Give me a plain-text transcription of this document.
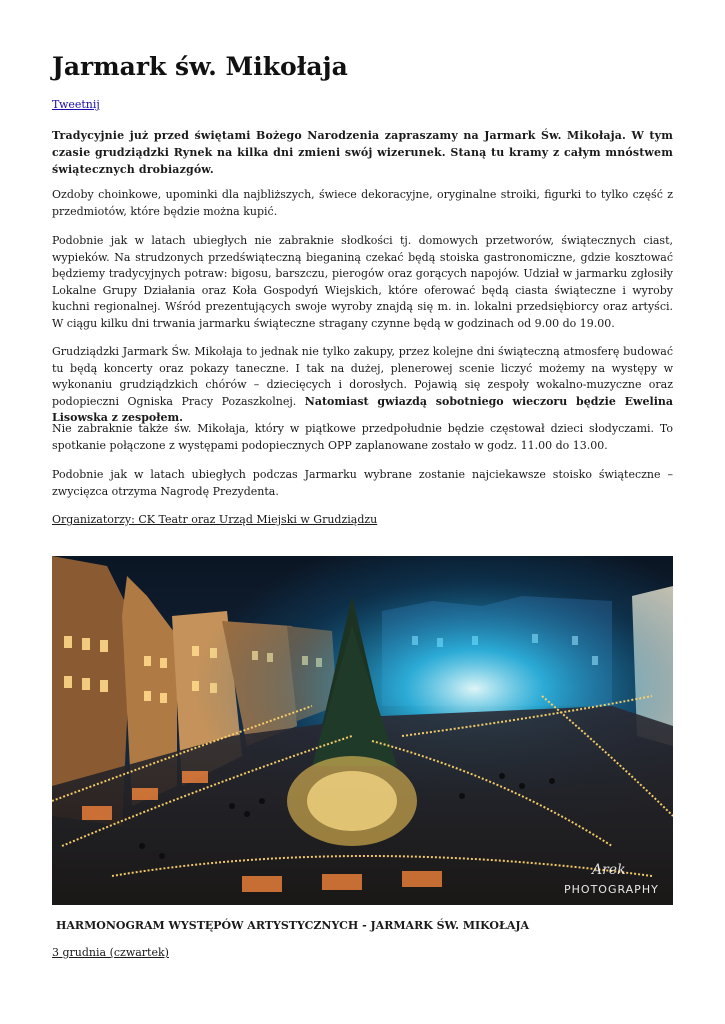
Jarmark św. Mikołaja
Tweetnij

Tradycyjnie już przed świętami Bożego Narodzenia zapraszamy na Jarmark Św. Mikołaja. W tym czasie grudziądzki Rynek na kilka dni zmieni swój wizerunek. Staną tu kramy z całym mnóstwem świątecznych drobiazgów.

Ozdoby choinkowe, upominki dla najbliższych, świece dekoracyjne, oryginalne stroiki, figurki to tylko część z przedmiotów, które będzie można kupić.

Podobnie jak w latach ubiegłych nie zabraknie słodkości tj. domowych przetworów, świątecznych ciast, wypieków. Na strudzonych przedświąteczną bieganiną czekać będą stoiska gastronomiczne, gdzie kosztować będziemy tradycyjnych potraw: bigosu, barszczu, pierogów oraz gorących napojów. Udział w jarmarku zgłosiły Lokalne Grupy Działania oraz Koła Gospodyń Wiejskich, które oferować będą ciasta świąteczne i wyroby kuchni regionalnej. Wśród prezentujących swoje wyroby znajdą się m. in. lokalni przedsiębiorcy oraz artyści. W ciągu kilku dni trwania jarmarku świąteczne stragany czynne będą w godzinach od 9.00 do 19.00.

Grudziądzki Jarmark Św. Mikołaja to jednak nie tylko zakupy, przez kolejne dni świąteczną atmosferę budować tu będą koncerty oraz pokazy taneczne. I tak na dużej, plenerowej scenie liczyć możemy na występy w wykonaniu grudziądzkich chórów – dziecięcych i dorosłych. Pojawią się zespoły wokalno-muzyczne oraz podopieczni Ogniska Pracy Pozaszkolnej. Natomiast gwiazdą sobotniego wieczoru będzie Ewelina Lisowska z zespołem.

Nie zabraknie także św. Mikołaja, który w piątkowe przedpołudnie będzie częstował dzieci słodyczami. To spotkanie połączone z występami podopiecznych OPP zaplanowane zostało w godz. 11.00 do 13.00.

Podobnie jak w latach ubiegłych podczas Jarmarku wybrane zostanie najciekawsze stoisko świąteczne – zwycięzca otrzyma Nagrodę Prezydenta.

Organizatorzy: CK Teatr oraz Urząd Miejski w Grudziądzu

Arek
PHOTOGRAPHY
HARMONOGRAM WYSTĘPÓW ARTYSTYCZNYCH - JARMARK ŚW. MIKOŁAJA
3 grudnia (czwartek)
